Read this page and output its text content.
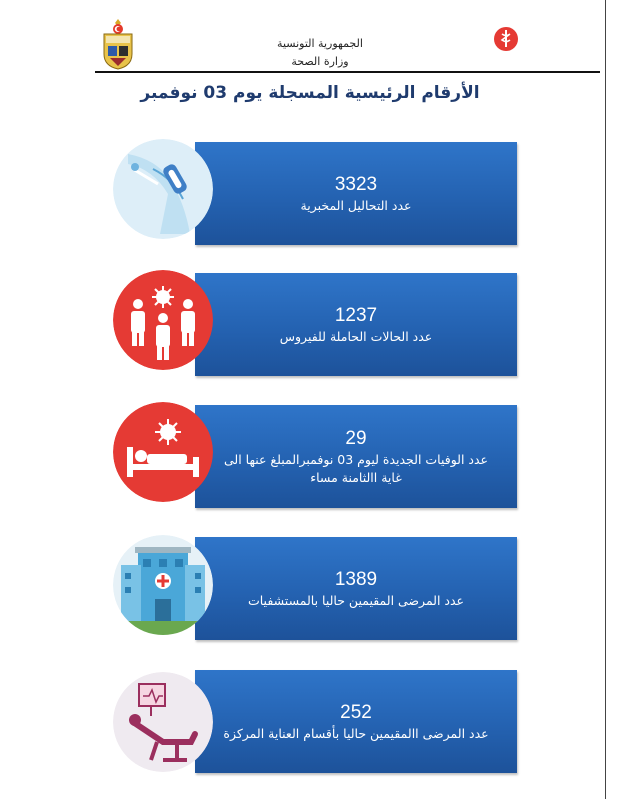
الجمهورية التونسية
وزارة الصحة
الأرقام الرئيسية المسجلة يوم 03 نوفمبر
3323
عدد التحاليل المخبرية
1237
عدد الحالات الحاملة للفيروس
29
عدد الوفيات الجديدة ليوم 03 نوفمبرالمبلغ عنها الى غاية االثامنة مساء
1389
عدد المرضى المقيمين حاليا بالمستشفيات
252
عدد المرضى االمقيمين حاليا بأقسام العناية المركزة
